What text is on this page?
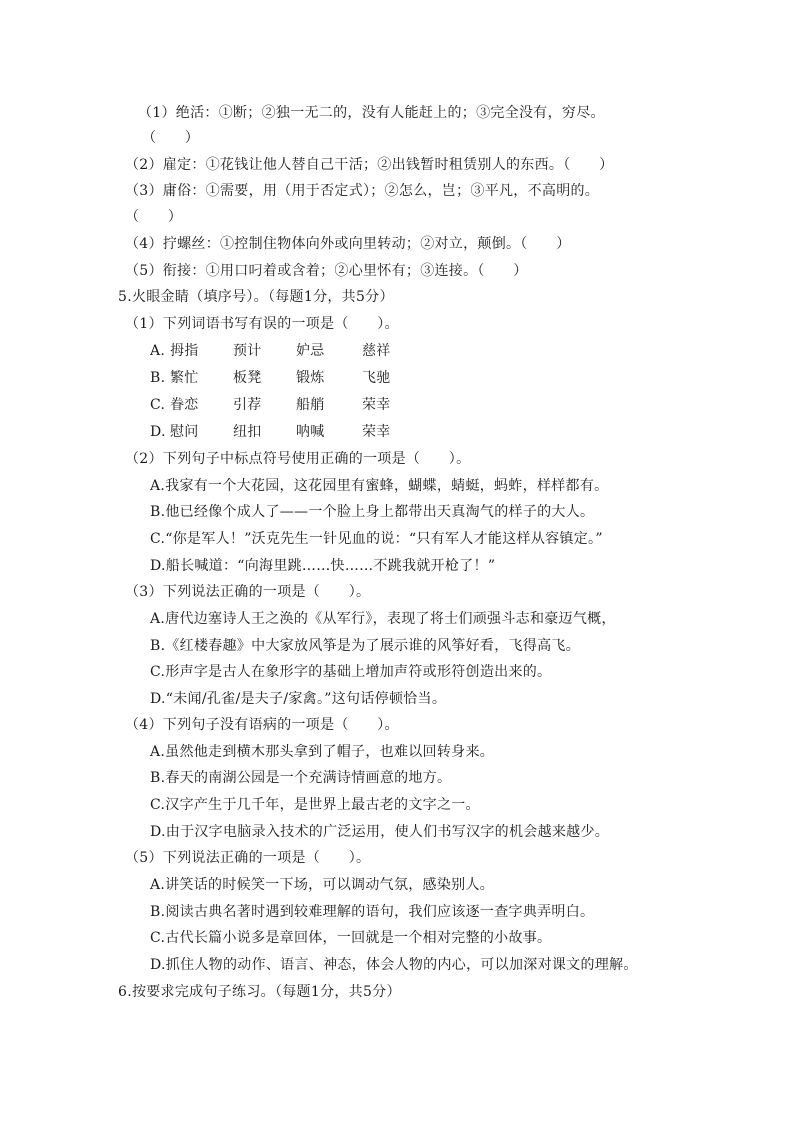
（1）绝活：①断；②独一无二的，没有人能赶上的；③完全没有，穷尽。
（　　）
（2）雇定：①花钱让他人替自己干活；②出钱暂时租赁别人的东西。（　　）
（3）庸俗：①需要，用（用于否定式）；②怎么，岂；③平凡，不高明的。
（　　）
（4）拧螺丝：①控制住物体向外或向里转动；②对立，颠倒。（　　）
（5）衔接：①用口叼着或含着；②心里怀有；③连接。（　　）
5.火眼金睛（填序号）。（每题1分，共5分）
（1）下列词语书写有误的一项是（　　）。
A. 拇指 预计 妒忌	慈祥
B. 繁忙 板凳 锻炼	飞驰
C. 眷恋 引荐 船艄	荣幸
D. 慰问 纽扣 呐喊	荣幸
（2）下列句子中标点符号使用正确的一项是（　　）。
A.我家有一个大花园，这花园里有蜜蜂，蝴蝶，蜻蜓，蚂蚱，样样都有。
B.他已经像个成人了——一个脸上身上都带出天真淘气的样子的大人。
C.“你是军人！”沃克先生一针见血的说：“只有军人才能这样从容镇定。”
D.船长喊道：“向海里跳……快……不跳我就开枪了！”
（3）下列说法正确的一项是（　　）。
A.唐代边塞诗人王之涣的《从军行》，表现了将士们顽强斗志和豪迈气概，
B.《红楼春趣》中大家放风筝是为了展示谁的风筝好看，飞得高飞。
C.形声字是古人在象形字的基础上增加声符或形符创造出来的。
D.“未闻/孔雀/是夫子/家禽。”这句话停顿恰当。
（4）下列句子没有语病的一项是（　　）。
A.虽然他走到横木那头拿到了帽子，也难以回转身来。
B.春天的南湖公园是一个充满诗情画意的地方。
C.汉字产生于几千年，是世界上最古老的文字之一。
D.由于汉字电脑录入技术的广泛运用，使人们书写汉字的机会越来越少。
（5）下列说法正确的一项是（　　）。
A.讲笑话的时候笑一下场，可以调动气氛，感染别人。
B.阅读古典名著时遇到较难理解的语句，我们应该逐一查字典弄明白。
C.古代长篇小说多是章回体，一回就是一个相对完整的小故事。
D.抓住人物的动作、语言、神态，体会人物的内心，可以加深对课文的理解。
6.按要求完成句子练习。（每题1分，共5分）
